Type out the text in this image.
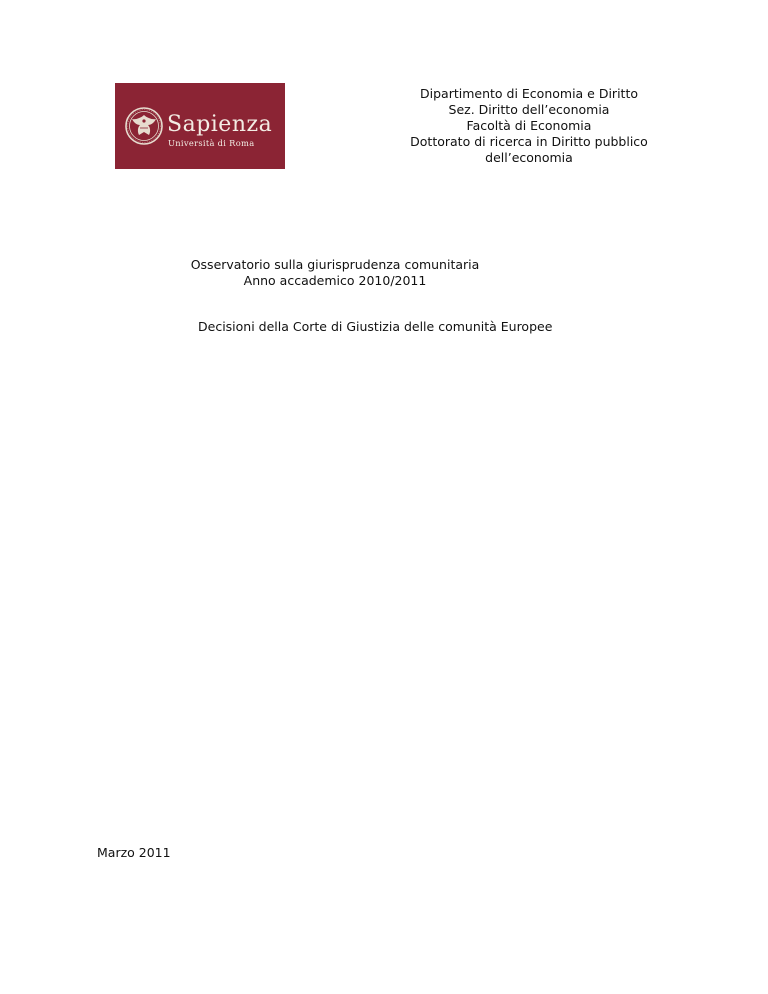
Sapienza
Università di Roma
Dipartimento di Economia e Diritto
Sez. Diritto dell’economia
Facoltà di Economia
Dottorato di ricerca in Diritto pubblico
dell’economia
Osservatorio sulla giurisprudenza comunitaria
Anno accademico 2010/2011
Decisioni della Corte di Giustizia delle comunità Europee
Marzo 2011
